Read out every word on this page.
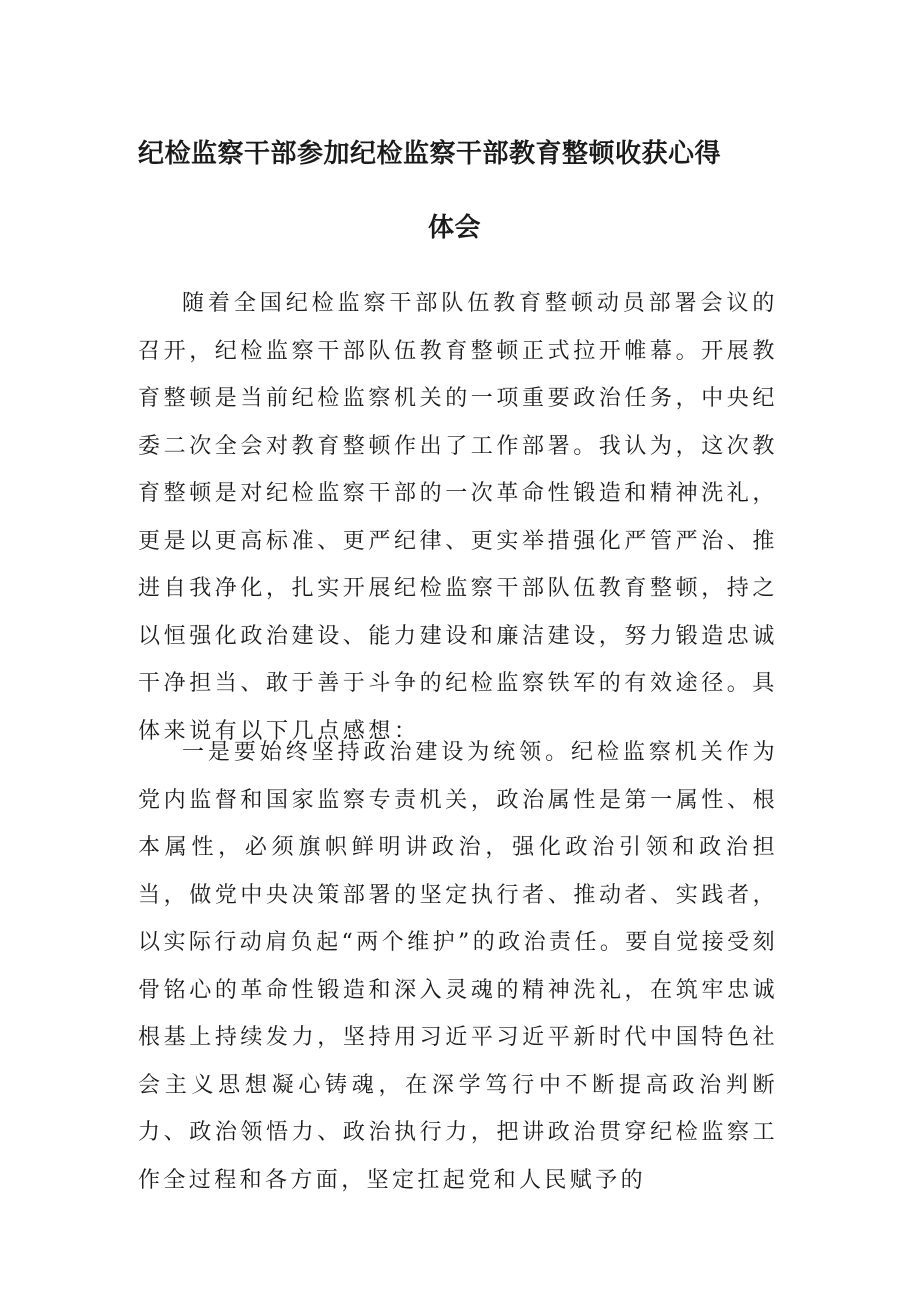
纪检监察干部参加纪检监察干部教育整顿收获心得
体会

随着全国纪检监察干部队伍教育整顿动员部署会议的召开，纪检监察干部队伍教育整顿正式拉开帷幕。开展教育整顿是当前纪检监察机关的一项重要政治任务，中央纪委二次全会对教育整顿作出了工作部署。我认为，这次教育整顿是对纪检监察干部的一次革命性锻造和精神洗礼，更是以更高标准、更严纪律、更实举措强化严管严治、推进自我净化，扎实开展纪检监察干部队伍教育整顿，持之以恒强化政治建设、能力建设和廉洁建设，努力锻造忠诚干净担当、敢于善于斗争的纪检监察铁军的有效途径。具体来说有以下几点感想：

一是要始终坚持政治建设为统领。纪检监察机关作为党内监督和国家监察专责机关，政治属性是第一属性、根本属性，必须旗帜鲜明讲政治，强化政治引领和政治担当，做党中央决策部署的坚定执行者、推动者、实践者，以实际行动肩负起“两个维护”的政治责任。要自觉接受刻骨铭心的革命性锻造和深入灵魂的精神洗礼，在筑牢忠诚根基上持续发力，坚持用习近平习近平新时代中国特色社会主义思想凝心铸魂，在深学笃行中不断提高政治判断力、政治领悟力、政治执行力，把讲政治贯穿纪检监察工作全过程和各方面，坚定扛起党和人民赋予的
